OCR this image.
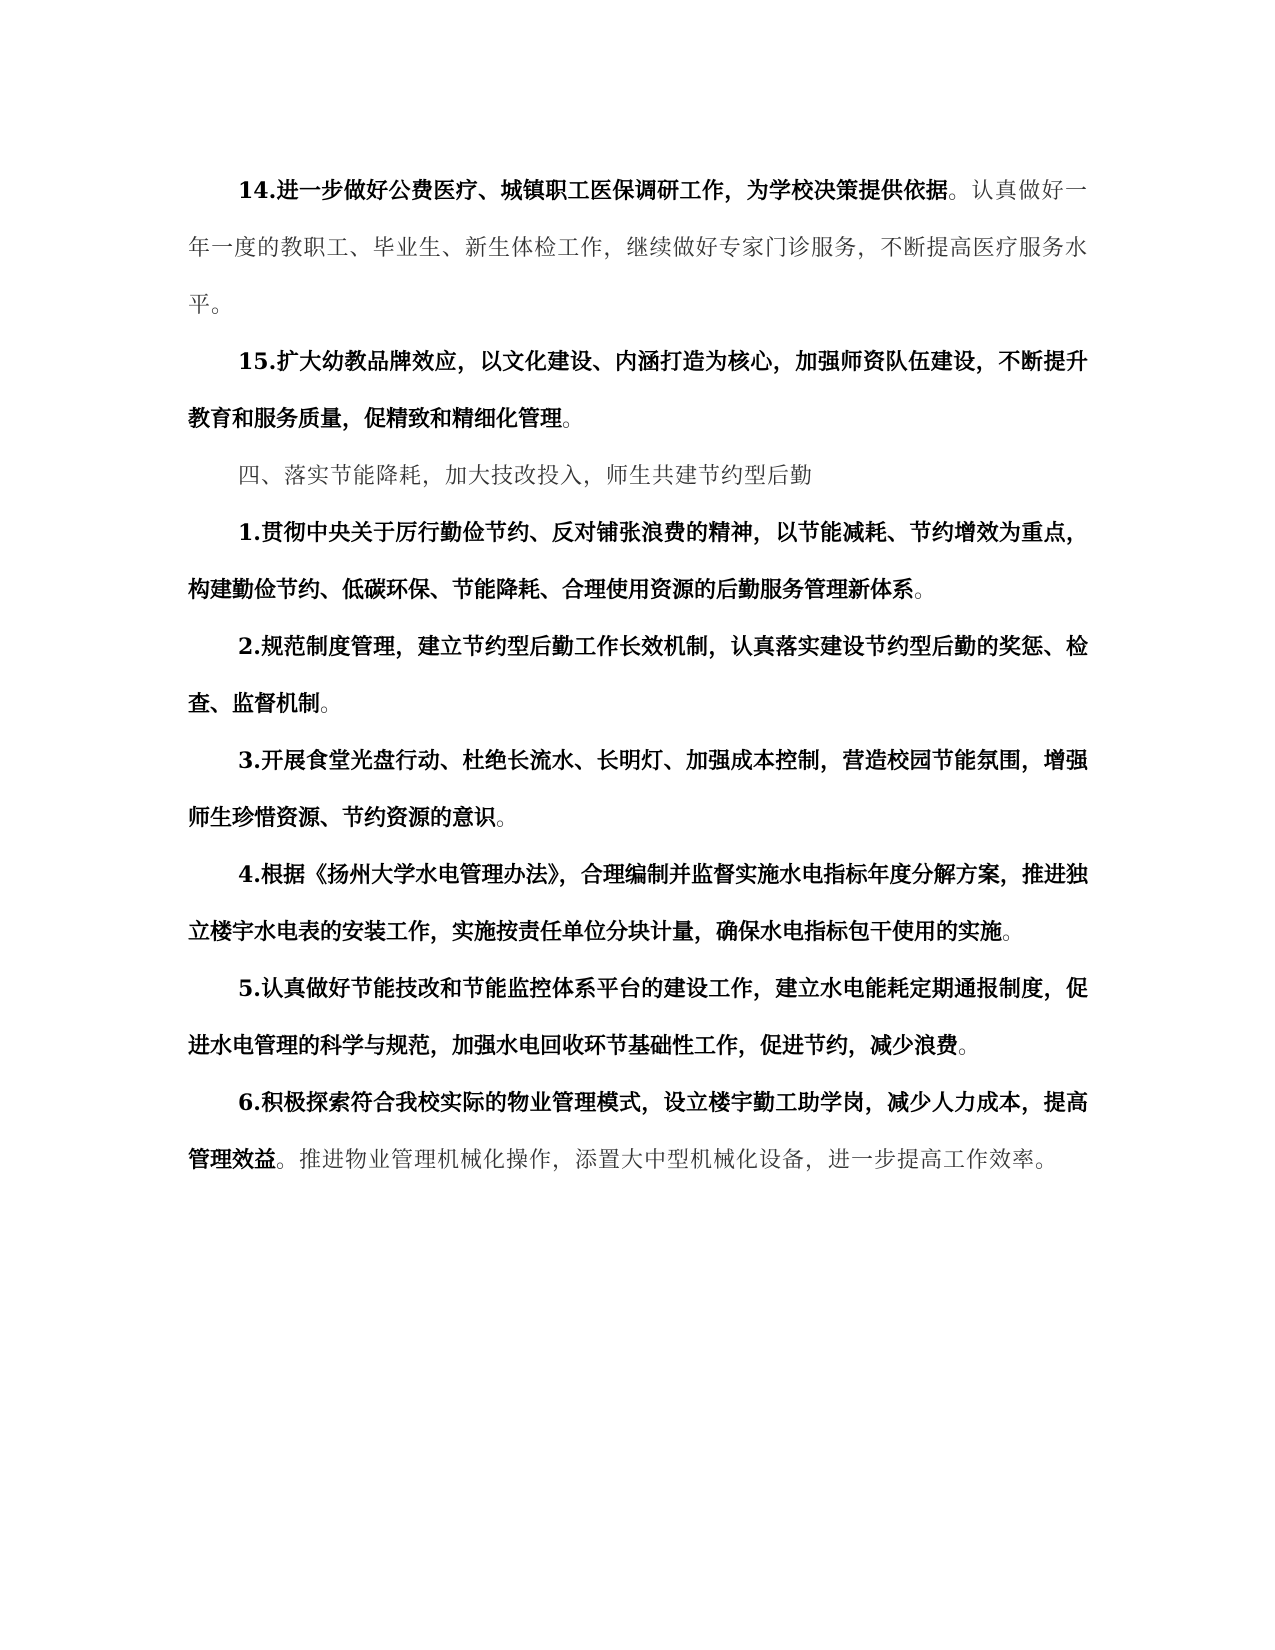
14.进一步做好公费医疗、城镇职工医保调研工作，为学校决策提供依据。认真做好一年一度的教职工、毕业生、新生体检工作，继续做好专家门诊服务，不断提高医疗服务水平。

15.扩大幼教品牌效应，以文化建设、内涵打造为核心，加强师资队伍建设，不断提升教育和服务质量，促精致和精细化管理。

四、落实节能降耗，加大技改投入，师生共建节约型后勤

1.贯彻中央关于厉行勤俭节约、反对铺张浪费的精神，以节能减耗、节约增效为重点，构建勤俭节约、低碳环保、节能降耗、合理使用资源的后勤服务管理新体系。

2.规范制度管理，建立节约型后勤工作长效机制，认真落实建设节约型后勤的奖惩、检查、监督机制。

3.开展食堂光盘行动、杜绝长流水、长明灯、加强成本控制，营造校园节能氛围，增强师生珍惜资源、节约资源的意识。

4.根据《扬州大学水电管理办法》，合理编制并监督实施水电指标年度分解方案，推进独立楼宇水电表的安装工作，实施按责任单位分块计量，确保水电指标包干使用的实施。

5.认真做好节能技改和节能监控体系平台的建设工作，建立水电能耗定期通报制度，促进水电管理的科学与规范，加强水电回收环节基础性工作，促进节约，减少浪费。

6.积极探索符合我校实际的物业管理模式，设立楼宇勤工助学岗，减少人力成本，提高管理效益。推进物业管理机械化操作，添置大中型机械化设备，进一步提高工作效率。
